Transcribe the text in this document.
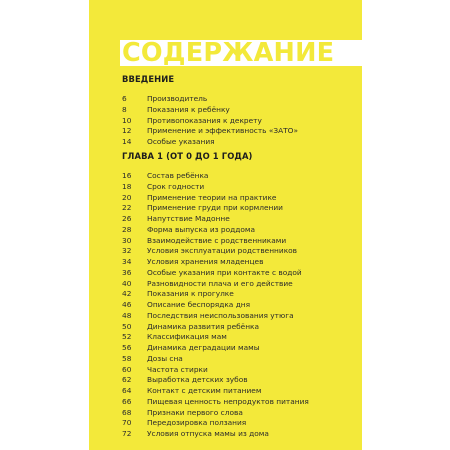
СОДЕРЖАНИЕ
ВВЕДЕНИЕ
6	Производитель
8	Показания к ребёнку
10	Противопоказания к декрету
12	Применение и эффективность «ЗАТО»
14	Особые указания
ГЛАВА 1 (ОТ 0 ДО 1 ГОДА)
16	Состав ребёнка
18	Срок годности
20	Применение теории на практике
22	Применение груди при кормлении
26	Напутствие Мадонне
28	Форма выпуска из роддома
30	Взаимодействие с родственниками
32	Условия эксплуатации родственников
34	Условия хранения младенцев
36	Особые указания при контакте с водой
40	Разновидности плача и его действие
42	Показания к прогулке
46	Описание беспорядка дня
48	Последствия неиспользования утюга
50	Динамика развития ребёнка
52	Классификация мам
56	Динамика деградации мамы
58	Дозы сна
60	Частота стирки
62	Выработка детских зубов
64	Контакт с детским питанием
66	Пищевая ценность непродуктов питания
68	Признаки первого слова
70	Передозировка ползания
72	Условия отпуска мамы из дома
